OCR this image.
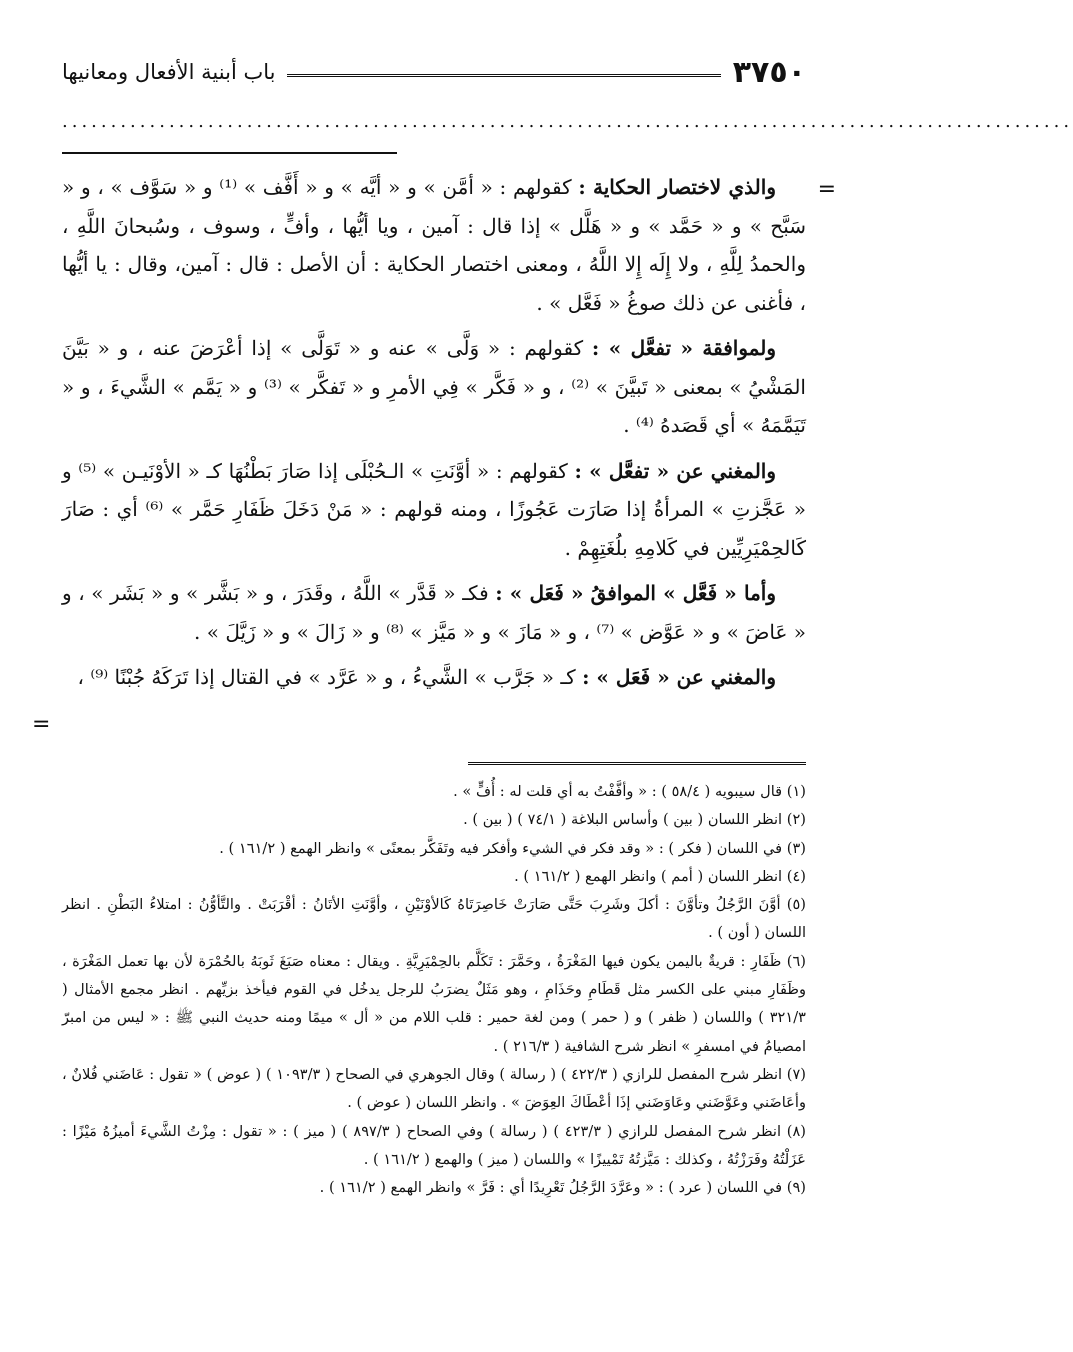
٣٧٥٠
باب أبنية الأفعال ومعانيها
........................................................................................................
=
=

والذي لاختصار الحكاية : كقولهم : « أمَّن » و « أيَّه » و « أَفَّف » ⁽¹⁾ و « سَوَّف » ، و « سَبَّح » و « حَمَّد » و « هَلَّل » إذا قال : آمين ، ويا أيُّها ، وأفٍّ ، وسوف ، وسُبحانَ اللَّهِ ، والحمدُ لِلَّهِ ، ولا إِلَه إِلا اللَّهُ ، ومعنى اختصار الحكاية : أن الأصل : قال : آمين، وقال : يا أيُّها ، فأغنى عن ذلك صوغُ « فَعَّل » .

ولموافقة « تفعَّل » : كقولهم : « وَلَّى » عنه و « تَوَلَّى » إذا أعْرَضَ عنه ، و « بَيَّنَ المَشْيُ » بمعنى « تَبيَّنَ » ⁽²⁾ ، و « فَكَّر » فِي الأمرِ و « تَفكَّر » ⁽³⁾ و « يَمَّم » الشَّيءَ ، و « تَيَمَّمَهُ » أي قَصَدهُ ⁽⁴⁾ .

والمغني عن « تفعَّل » : كقولهم : « أوَّنَتِ » الـحُبْلَى إذا صَارَ بَطْنُهَا كـ « الأوْنَيـن » ⁽⁵⁾ و « عَجَّزتِ » المرأةُ إذا صَارَت عَجُوزًا ، ومنه قولهم : « مَنْ دَخَلَ ظَفَارِ حَمَّر » ⁽⁶⁾ أي : صَارَ كَالحِمْيَرِيِّين في كَلامِهِ بلُغَتِهِمْ .

وأما « فَعَّل » الموافقُ « فَعَل » : فكـ « قَدَّر » اللَّهُ ، وقَدَرَ ، و « بَشَّر » و « بَشَر » ، و « عَاضَ » و « عَوَّض » ⁽⁷⁾ ، و « مَازَ » و « مَيَّز » ⁽⁸⁾ و « زَالَ » و « زَيَّلَ » .

والمغني عن « فَعَل » : كـ « جَرَّب » الشَّيءُ ، و « عَرَّد » في القتال إذا تَرَكَهُ جُبْنًا ⁽⁹⁾ ،

(١) قال سيبويه ( ٥٨/٤ ) : « وأفَّفْتُ به أي قلت له : أُفٍّ » .

(٢) انظر اللسان ( بين ) وأساس البلاغة ( ٧٤/١ ) ( بين ) .

(٣) في اللسان ( فكر ) : « وقد فكر في الشيء وأفكر فيه وتَفَكَّر بمعنًى » وانظر الهمع ( ١٦١/٢ ) .

(٤) انظر اللسان ( أمم ) وانظر الهمع ( ١٦١/٢ ) .

(٥) أوَّنَ الرَّجُلُ وتأوَّنَ : أكلَ وشَرِبَ حَتَّى صَارَتْ خَاصِرَتَاهُ كَالأوْنَيْنِ ، وأوَّنَتِ الأتَانُ : أقْرَبَتْ . والتَّأوُّنُ : امتلاءُ البَطْنِ . انظر اللسان ( أون ) .

(٦) ظَفَارِ : قريةٌ باليمن يكون فيها المَغْرَةُ ، وحَمَّرَ : تَكَلَّم بالحِمْيَرِيَّةِ . ويقال : معناه صَبَغَ ثَوبَهُ بالحُمْرَة لأن بها تعمل المَغْرَة ، وظَفَارِ مبني على الكسر مثل قَطَامِ وحَذَامِ ، وهو مَثَلٌ يضرَبُ للرجل يدخُل في القوم فيأخذ بزيِّهم . انظر مجمع الأمثال ( ٣٢١/٣ ) واللسان ( ظفر ) و ( حمر ) ومن لغة حمير : قلب اللام من « أل » ميمًا ومنه حديث النبي ﷺ : « ليس من امبرّ امصيامُ في امسفرِ » انظر شرح الشافية ( ٢١٦/٣ ) .

(٧) انظر شرح المفصل للرازي ( ٤٢٢/٣ ) ( رسالة ) وقال الجوهري في الصحاح ( ١٠٩٣/٣ ) ( عوض ) « تقول : عَاضَني فُلانٌ ، وأعَاضَني وعَوَّضَني وعَاوَضَني إذَا أعْطَاكَ العِوَضَ » . وانظر اللسان ( عوض ) .

(٨) انظر شرح المفصل للرازي ( ٤٢٣/٣ ) ( رسالة ) وفي الصحاح ( ٨٩٧/٣ ) ( ميز ) : « تقول : مِزْتُ الشَّيءَ أميزُهُ مَيْزًا : عَزَلْتُهُ وفَرَزْتُهُ ، وكذلك : مَيَّزتُهُ تَمْييزًا » واللسان ( ميز ) والهمع ( ١٦١/٢ ) .

(٩) في اللسان ( عرد ) : « وعَرَّدَ الرَّجُلُ تَعْرِيدًا أي : فَرَّ » وانظر الهمع ( ١٦١/٢ ) .
